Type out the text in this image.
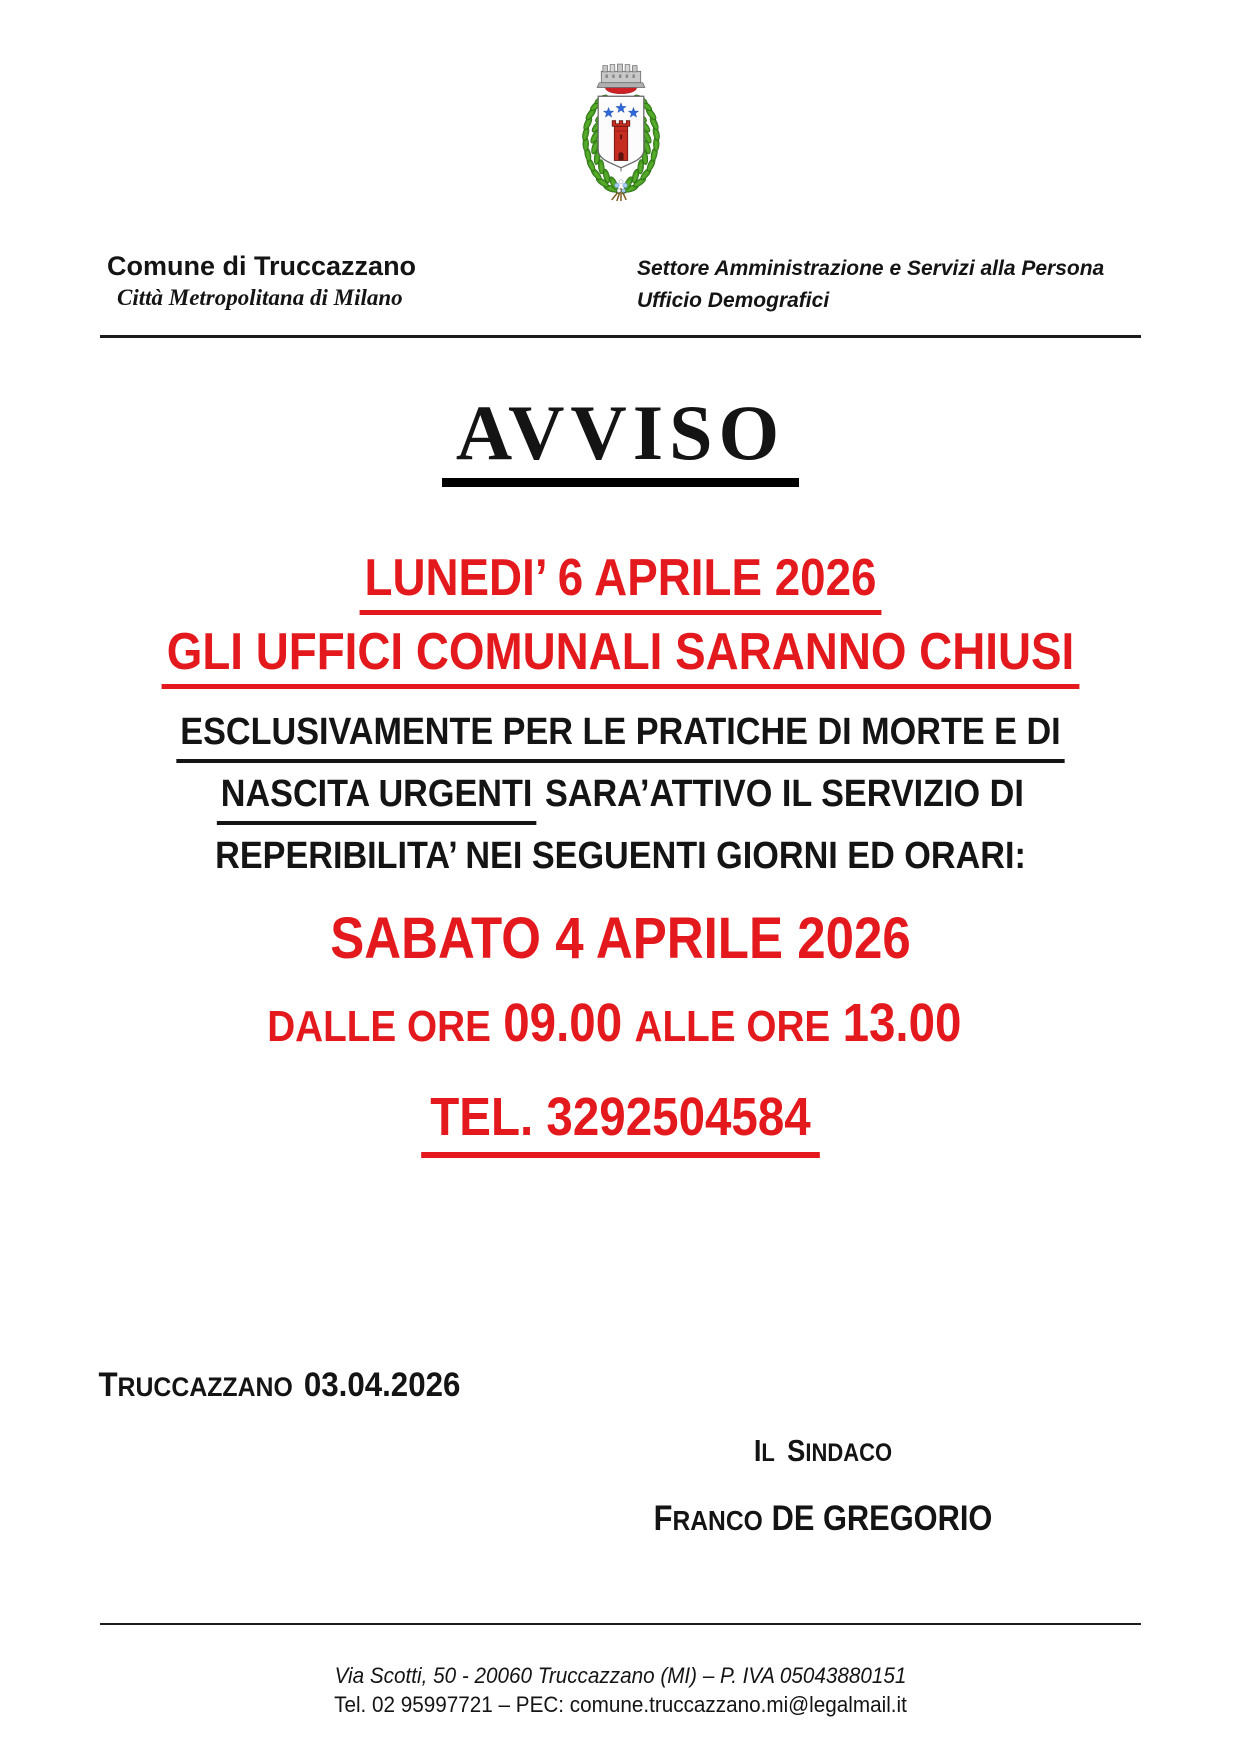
Comune di Truccazzano
Città Metropolitana di Milano
Settore Amministrazione e Servizi alla Persona
Ufficio Demografici
AVVISO
LUNEDI’ 6 APRILE 2026
GLI UFFICI COMUNALI SARANNO CHIUSI
ESCLUSIVAMENTE PER LE PRATICHE DI MORTE E DI
NASCITA URGENTI SARA’ATTIVO IL SERVIZIO DI
REPERIBILITA’ NEI SEGUENTI GIORNI ED ORARI:
SABATO 4 APRILE 2026
DALLE ORE 09.00 ALLE ORE 13.00
TEL. 3292504584
TRUCCAZZANO 03.04.2026
IL SINDACO
FRANCO DE GREGORIO
Via Scotti, 50 - 20060 Truccazzano (MI) – P. IVA 05043880151
Tel. 02 95997721 – PEC: comune.truccazzano.mi@legalmail.it
